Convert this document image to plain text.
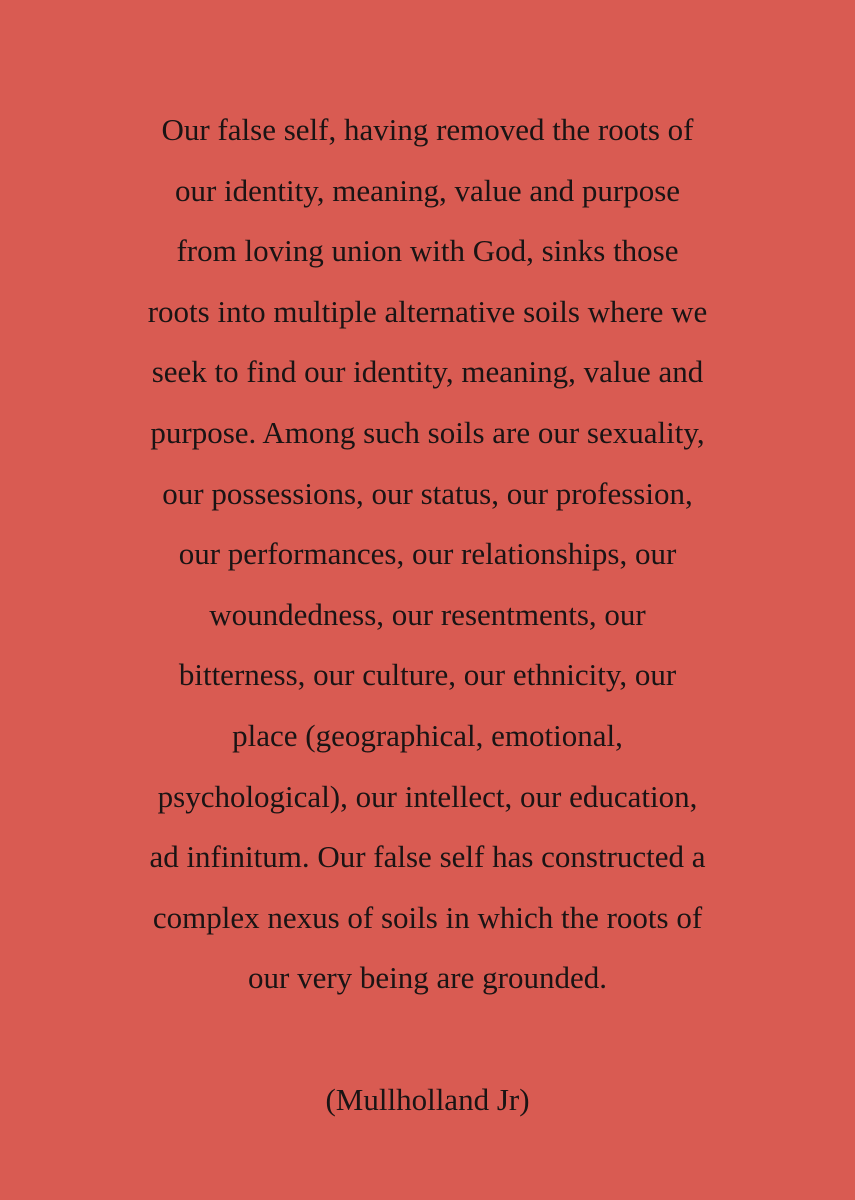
Our false self, having removed the roots of
our identity, meaning, value and purpose
from loving union with God, sinks those
roots into multiple alternative soils where we
seek to find our identity, meaning, value and
purpose. Among such soils are our sexuality,
our possessions, our status, our profession,
our performances, our relationships, our
woundedness, our resentments, our
bitterness, our culture, our ethnicity, our
place (geographical, emotional,
psychological), our intellect, our education,
ad infinitum. Our false self has constructed a
complex nexus of soils in which the roots of
our very being are grounded.

(Mullholland Jr)
